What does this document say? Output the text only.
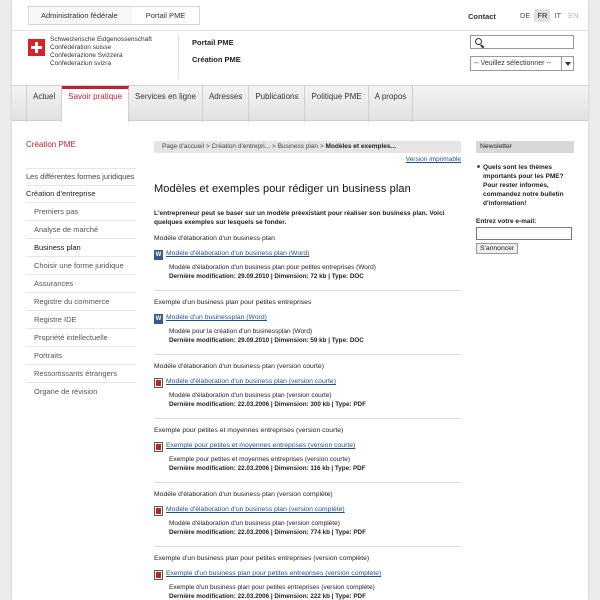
Administration fédérale	Portail PME	Contact	DE FR IT EN
Schweizerische Eidgenossenschaft
Confédération suisse
Confederazione Svizzera
Confederaziun svizra
Portail PME
Création PME	-- Veuillez sélectionner --
Actuel	Savoir pratique	Services en ligne	Adresses	Publications	Politique PME	A propos
Création PME
Les différentes formes juridiques
Création d'entreprise
Premiers pas
Analyse de marché
Business plan
Choisir une forme juridique
Assurances
Registre du commerce
Registre IDE
Propriété intellectuelle
Portraits
Ressortissants étrangers
Organe de révision
Page d'accueil > Création d'entrepri... > Business plan > Modèles et exemples...
Version imprimable
Modèles et exemples pour rédiger un business plan
L'entrepreneur peut se baser sur un modèle préexistant pour réaliser son business plan. Voici quelques exemples sur lesquels se fonder.
Modèle d'élaboration d'un business plan
W
Modèle d'élaboration d'un business plan (Word)
Modèle d'élaboration d'un business plan pour petites entreprises (Word)
Dernière modification: 29.09.2010 | Dimension: 72 kb | Type: DOC
Exemple d'un business plan pour petites entreprises
W
Modèle d'un businessplan (Word)
Modèle pour la création d'un businessplan (Word)
Dernière modification: 29.09.2010 | Dimension: 59 kb | Type: DOC
Modèle d'élaboration d'un business plan (version courte)
Modèle d'élaboration d'un business plan (version courte)
Modèle d'élaboration d'un business plan (version courte)
Dernière modification: 22.03.2006 | Dimension: 300 kb | Type: PDF
Exemple pour petites et moyennes entreprises (version courte)
Exemple pour petites et moyennes entreprises (version courte)
Exemple pour petites et moyennes entreprises (version courte)
Dernière modification: 22.03.2006 | Dimension: 116 kb | Type: PDF
Modèle d'élaboration d'un business plan (version complète)
Modèle d'élaboration d'un business plan (version complète)
Modèle d'élaboration d'un business plan (version complète)
Dernière modification: 22.03.2006 | Dimension: 774 kb | Type: PDF
Exemple d'un business plan pour petites entreprises (version complète)
Exemple d'un business plan pour petites entreprises (version complète)
Exemple d'un business plan pour petites entreprises (version complète)
Dernière modification: 22.03.2006 | Dimension: 222 kb | Type: PDF
Newsletter
Quels sont les thèmes importants pour les PME? Pour rester informés, commandez notre bulletin d'information!
Entrez votre e-mail:
S'annoncer
